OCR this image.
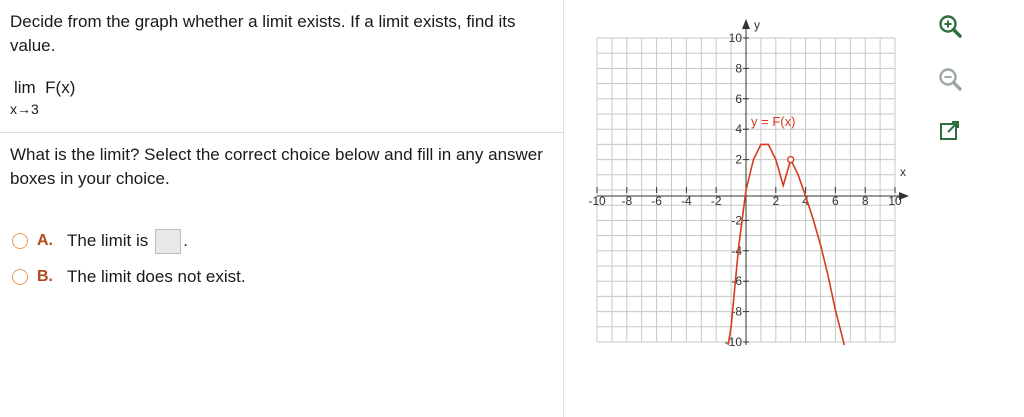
Decide from the graph whether a limit exists. If a limit exists, find its value.
lim  F(x)
x→3
What is the limit? Select the correct choice below and fill in any answer boxes in your choice.
A. The limit is .
B. The limit does not exist.
x
y
-10 -8 -6 -4 -2	2 4 6 8 10
10
8
6
4
2
-2
-4
-6
-8
-10
y = F(x)
